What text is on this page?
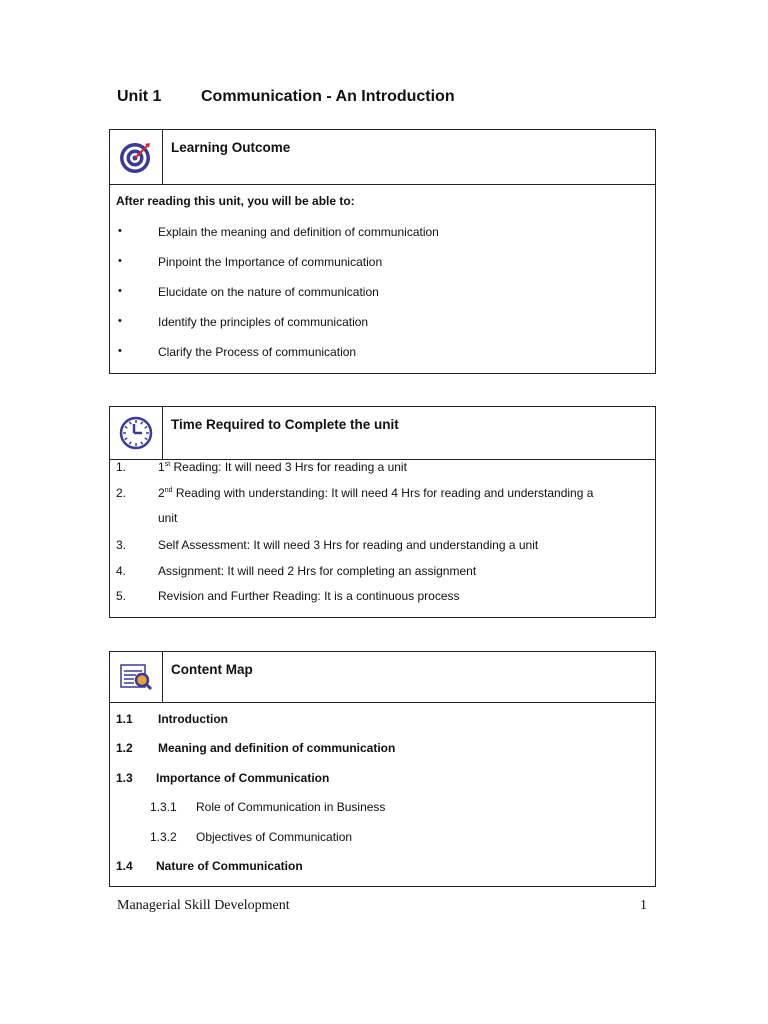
Unit 1	Communication - An Introduction
Learning Outcome
After reading this unit, you will be able to:
•	Explain the meaning and definition of communication
•	Pinpoint the Importance of communication
•	Elucidate on the nature of communication
•	Identify the principles of communication
•	Clarify the Process of communication
Time Required to Complete the unit
1.	1st Reading: It will need 3 Hrs for reading a unit
2.	2nd Reading with understanding: It will need 4 Hrs for reading and understanding a
unit
3.	Self Assessment: It will need 3 Hrs for reading and understanding a unit
4.	Assignment: It will need 2 Hrs for completing an assignment
5.	Revision and Further Reading: It is a continuous process
Content Map
1.1 Introduction
1.2 Meaning and definition of communication
1.3 Importance of Communication
1.3.1 Role of Communication in Business
1.3.2 Objectives of Communication
1.4 Nature of Communication
Managerial Skill Development	1
